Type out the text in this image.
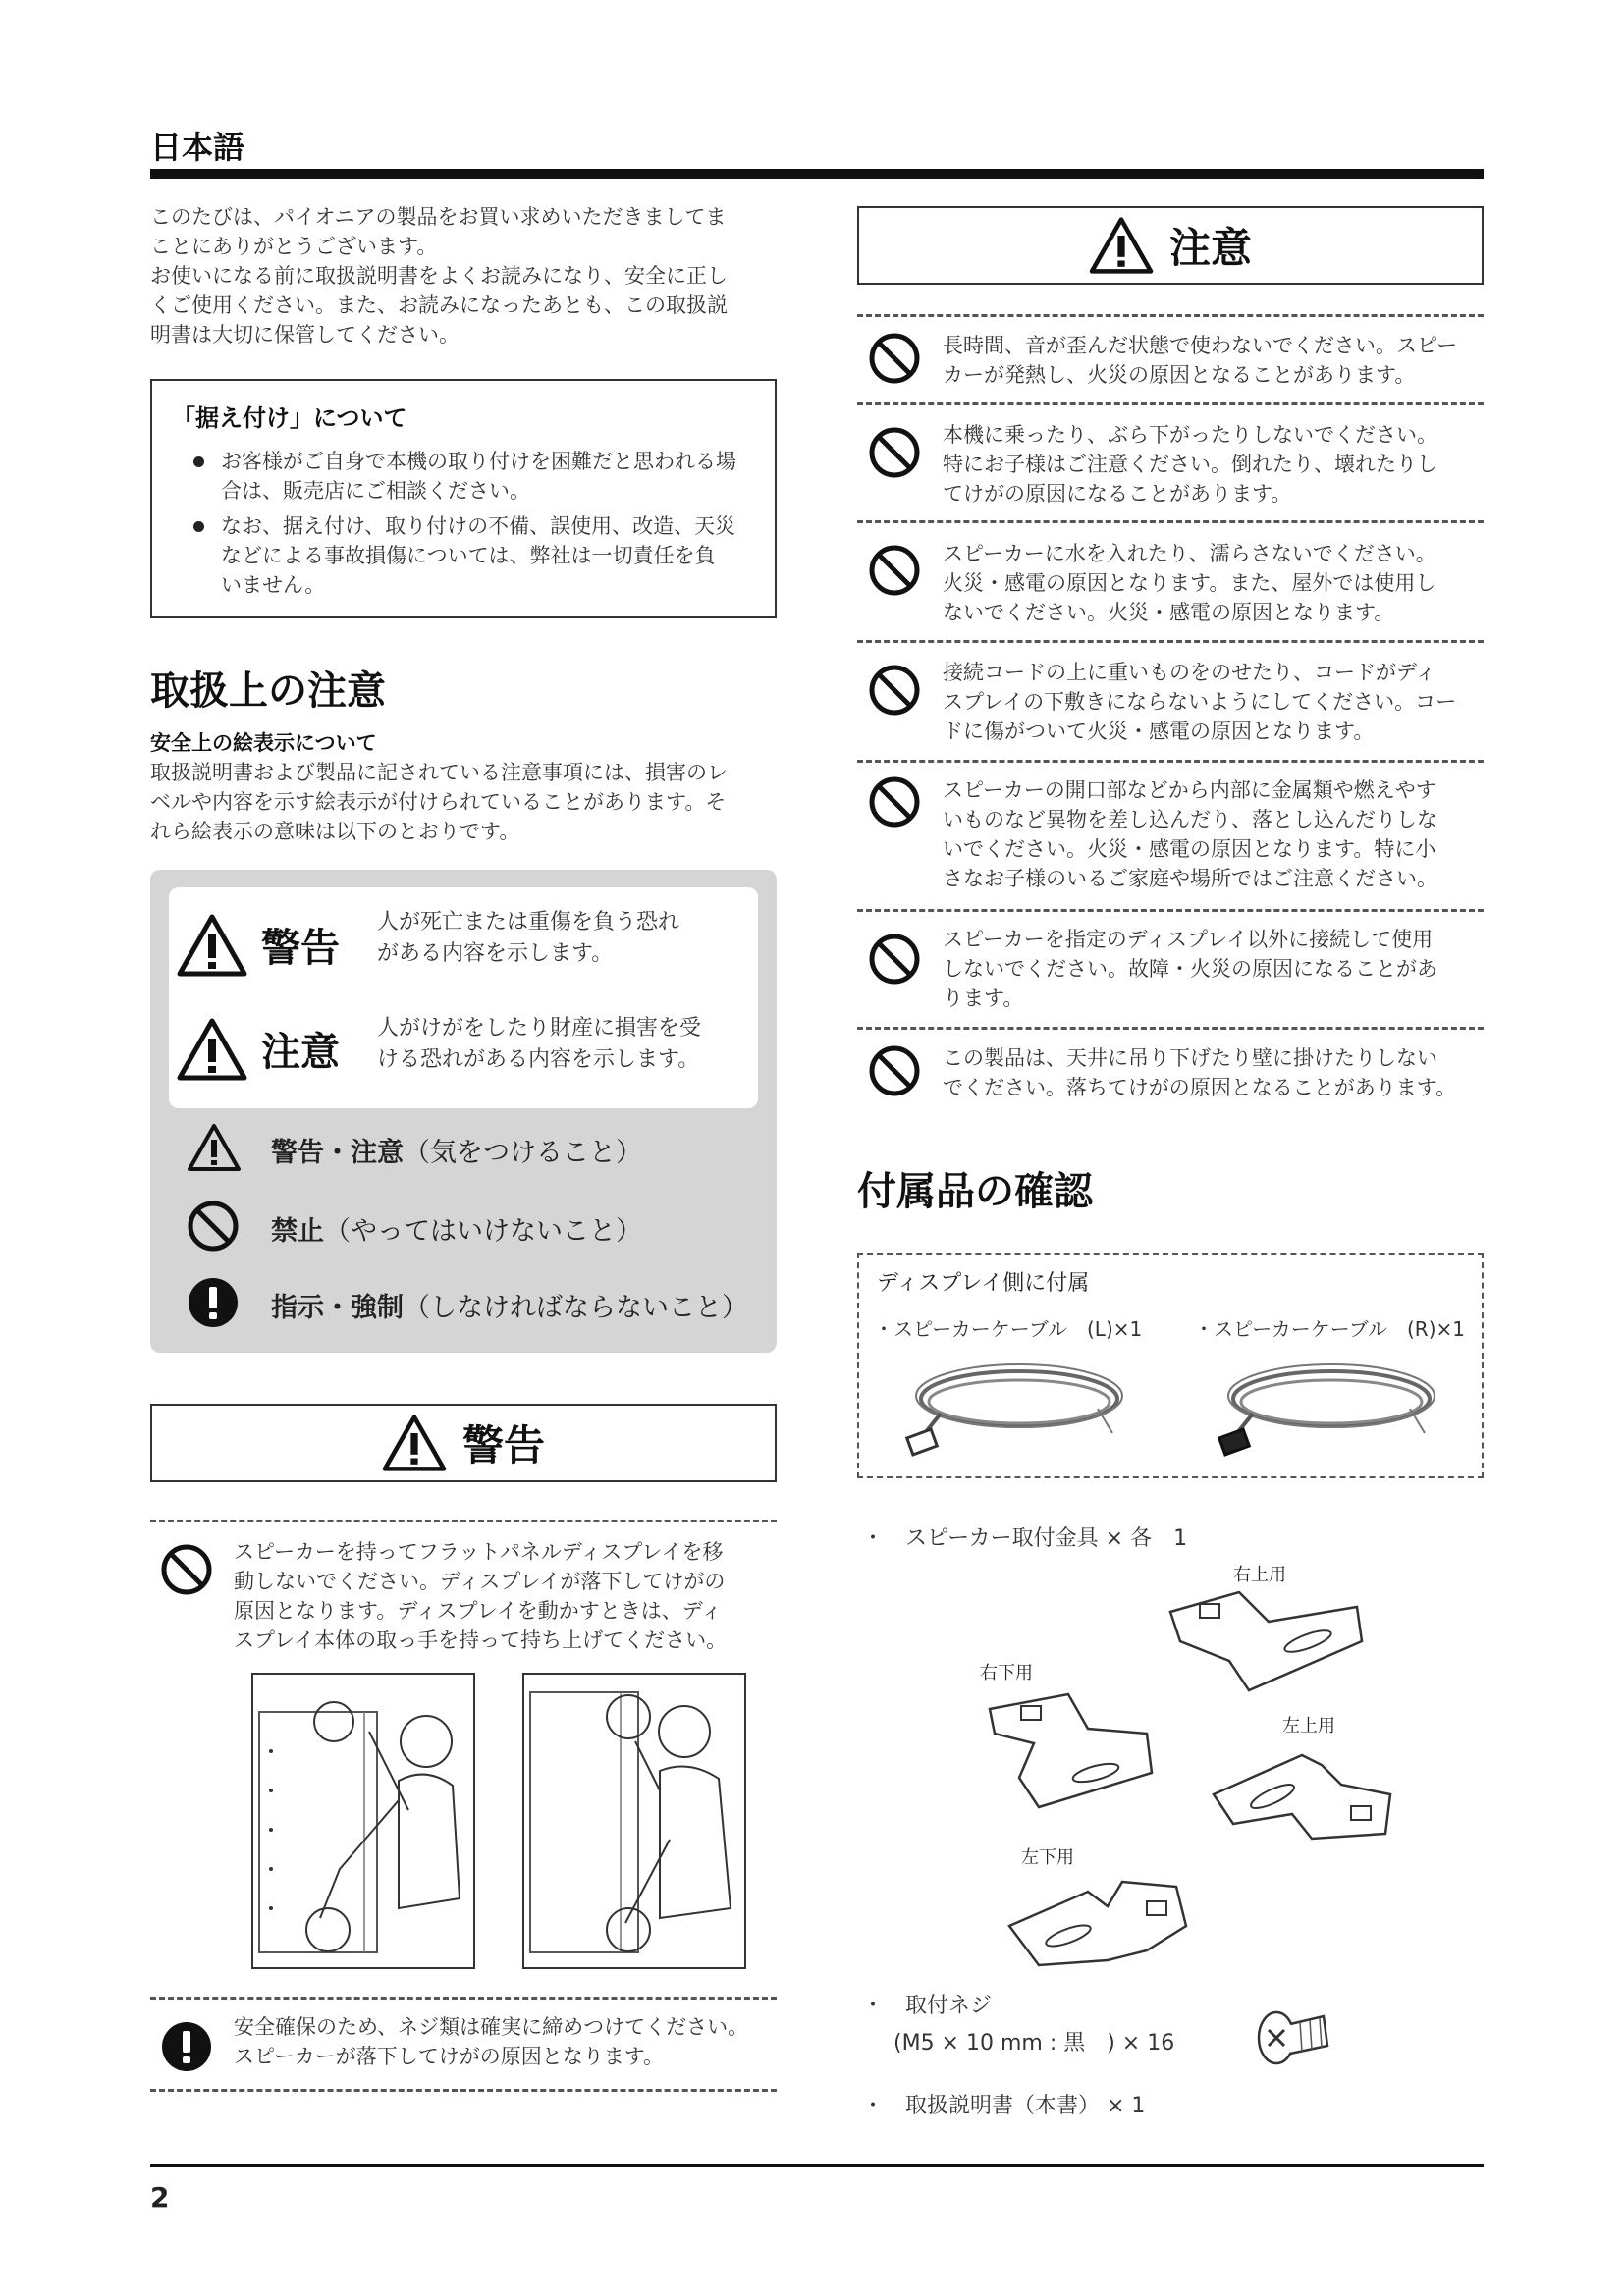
日本語
このたびは、パイオニアの製品をお買い求めいただきましてま
ことにありがとうございます。
お使いになる前に取扱説明書をよくお読みになり、安全に正し
くご使用ください。また、お読みになったあとも、この取扱説
明書は大切に保管してください。
「据え付け」について
お客様がご自身で本機の取り付けを困難だと思われる場
合は、販売店にご相談ください。
なお、据え付け、取り付けの不備、誤使用、改造、天災
などによる事故損傷については、弊社は一切責任を負
いません。
取扱上の注意
安全上の絵表示について
取扱説明書および製品に記されている注意事項には、損害のレ
ベルや内容を示す絵表示が付けられていることがあります。そ
れら絵表示の意味は以下のとおりです。
警告
人が死亡または重傷を負う恐れ
がある内容を示します。
注意
人がけがをしたり財産に損害を受
ける恐れがある内容を示します。
警告・注意（気をつけること）
禁止（やってはいけないこと）
指示・強制（しなければならないこと）
警告
スピーカーを持ってフラットパネルディスプレイを移
動しないでください。ディスプレイが落下してけがの
原因となります。ディスプレイを動かすときは、ディ
スプレイ本体の取っ手を持って持ち上げてください。
安全確保のため、ネジ類は確実に締めつけてください。
スピーカーが落下してけがの原因となります。
注意
長時間、音が歪んだ状態で使わないでください。スピー
カーが発熱し、火災の原因となることがあります。
本機に乗ったり、ぶら下がったりしないでください。
特にお子様はご注意ください。倒れたり、壊れたりし
てけがの原因になることがあります。
スピーカーに水を入れたり、濡らさないでください。
火災・感電の原因となります。また、屋外では使用し
ないでください。火災・感電の原因となります。
接続コードの上に重いものをのせたり、コードがディ
スプレイの下敷きにならないようにしてください。コー
ドに傷がついて火災・感電の原因となります。
スピーカーの開口部などから内部に金属類や燃えやす
いものなど異物を差し込んだり、落とし込んだりしな
いでください。火災・感電の原因となります。特に小
さなお子様のいるご家庭や場所ではご注意ください。
スピーカーを指定のディスプレイ以外に接続して使用
しないでください。故障・火災の原因になることがあ
ります。
この製品は、天井に吊り下げたり壁に掛けたりしない
でください。落ちてけがの原因となることがあります。
付属品の確認
ディスプレイ側に付属
・スピーカーケーブル　(L)×1	・スピーカーケーブル　(R)×1
・　スピーカー取付金具 × 各　1
右上用
右下用
左上用
左下用
・　取付ネジ
(M5 × 10 mm : 黒　) × 16
・　取扱説明書（本書） × 1
2
